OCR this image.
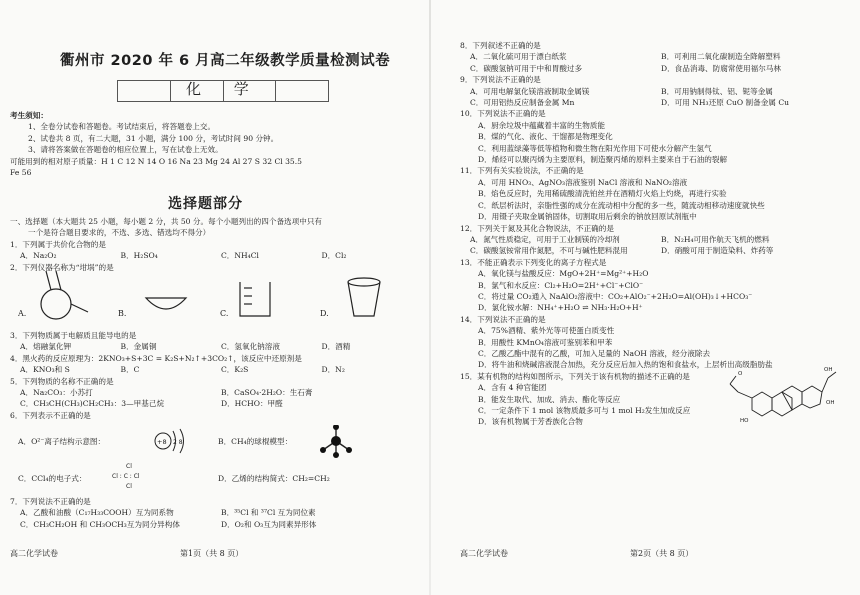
衢州市 2020 年 6 月高二年级教学质量检测试卷
化 学
考生须知：
1、全卷分试卷和答题卷。考试结束后，将答题卷上交。
2、试卷共 8 页，有二大题，31 小题，满分 100 分，考试时间 90 分钟。
3、请将答案做在答题卷的相应位置上，写在试卷上无效。
可能用到的相对原子质量：H 1 C 12 N 14 O 16 Na 23 Mg 24 Al 27 S 32 Cl 35.5
Fe 56
选择题部分
一、选择题（本大题共 25 小题，每小题 2 分，共 50 分。每个小题列出的四个备选项中只有
一个是符合题目要求的，不选、多选、错选均不得分）
1．下列属于共价化合物的是
A．Na₂O₂	B．H₂SO₄	C．NH₄Cl	D．Cl₂
2．下列仪器名称为“坩埚”的是
A.	B.	C.	D.
3．下列物质属于电解质且能导电的是
A．熔融氯化钾	B．金属铜	C．氢氧化钠溶液	D．酒精
4．黑火药的反应原理为：2KNO₃+S+3C = K₂S+N₂↑+3CO₂↑，该反应中还原剂是
A．KNO₃和 S	B．C	C．K₂S	D．N₂
5．下列物质的名称不正确的是
A．Na₂CO₃：小苏打	B．CaSO₄·2H₂O：生石膏
C．CH₃CH(CH₃)CH₂CH₃：3—甲基己烷	D．HCHO：甲醛
6．下列表示不正确的是
A．O²⁻离子结构示意图：	B．CH₄的球棍模型：
C．CCl₄的电子式：	D．乙烯的结构简式：CH₂=CH₂
+8 2 8
Cl
Cl : C : Cl
Cl
7．下列说法不正确的是
A．乙酸和油酸（C₁₇H₃₃COOH）互为同系物	B．³⁵Cl 和 ³⁷Cl 互为同位素
C．CH₃CH₂OH 和 CH₃OCH₃互为同分异构体	D．O₂和 O₃互为同素异形体
高二化学试卷	第1页（共 8 页）
8．下列叙述不正确的是
A．二氧化硫可用于漂白纸浆	B．可利用二氧化碳制造全降解塑料
C．碳酸氢钠可用于中和胃酸过多	D．食品消毒、防腐常使用福尔马林
9．下列说法不正确的是
A．可用电解氯化镁溶液制取金属镁	B．可用钠制得钛、铝、铌等金属
C．可用铝热反应制备金属 Mn	D．可用 NH₃还原 CuO 制备金属 Cu
10．下列说法不正确的是
A．厨余垃圾中蕴藏着丰富的生物质能
B．煤的气化、液化、干馏都是物理变化
C．利用蓝绿藻等低等植物和微生物在阳光作用下可使水分解产生氢气
D．烯烃可以聚丙烯为主要原料，制造聚丙烯的原料主要来自于石油的裂解
11．下列有关实验说法，不正确的是
A．可用 HNO₃、AgNO₃溶液鉴别 NaCl 溶液和 NaNO₂溶液
B．焰色反应时，先用稀硫酸清洗铂丝并在酒精灯火焰上灼烧，再进行实验
C．纸层析法时，亲脂性强的成分在流动相中分配的多一些，随流动相移动速度就快些
D．用镊子夹取金属钠固体，切割取用后剩余的钠放回原试剂瓶中
12．下列关于氮及其化合物说法，不正确的是
A．氮气性质稳定，可用于工业制镁的冷却剂	B．N₂H₄可用作航天飞机的燃料
C．碳酸氢铵常用作氮肥，不可与碱性肥料混用	D．硝酸可用于制造染料、炸药等
13．不能正确表示下列变化的离子方程式是
A．氧化镁与盐酸反应：MgO+2H⁺=Mg²⁺+H₂O
B．氯气和水反应：Cl₂+H₂O=2H⁺+Cl⁻+ClO⁻
C．将过量 CO₂通入 NaAlO₂溶液中：CO₂+AlO₂⁻+2H₂O=Al(OH)₃↓+HCO₃⁻
D．氯化铵水解：NH₄⁺+H₂O ⇌ NH₃·H₂O+H⁺
14．下列说法不正确的是
A．75%酒精、紫外光等可使蛋白质变性
B．用酸性 KMnO₄溶液可鉴别苯和甲苯
C．乙酸乙酯中混有的乙酸，可加入足量的 NaOH 溶液，经分液除去
D．将牛油和烧碱溶液混合加热，充分反应后加入热的饱和食盐水，上层析出高级脂肪盐
15．某有机物的结构如图所示，下列关于该有机物的描述不正确的是
A．含有 4 种官能团
B．能发生取代、加成、消去、酯化等反应
C．一定条件下 1 mol 该物质最多可与 1 mol H₂发生加成反应
D．该有机物属于芳香族化合物
OH
O
HO
OH
高二化学试卷	第2页（共 8 页）
